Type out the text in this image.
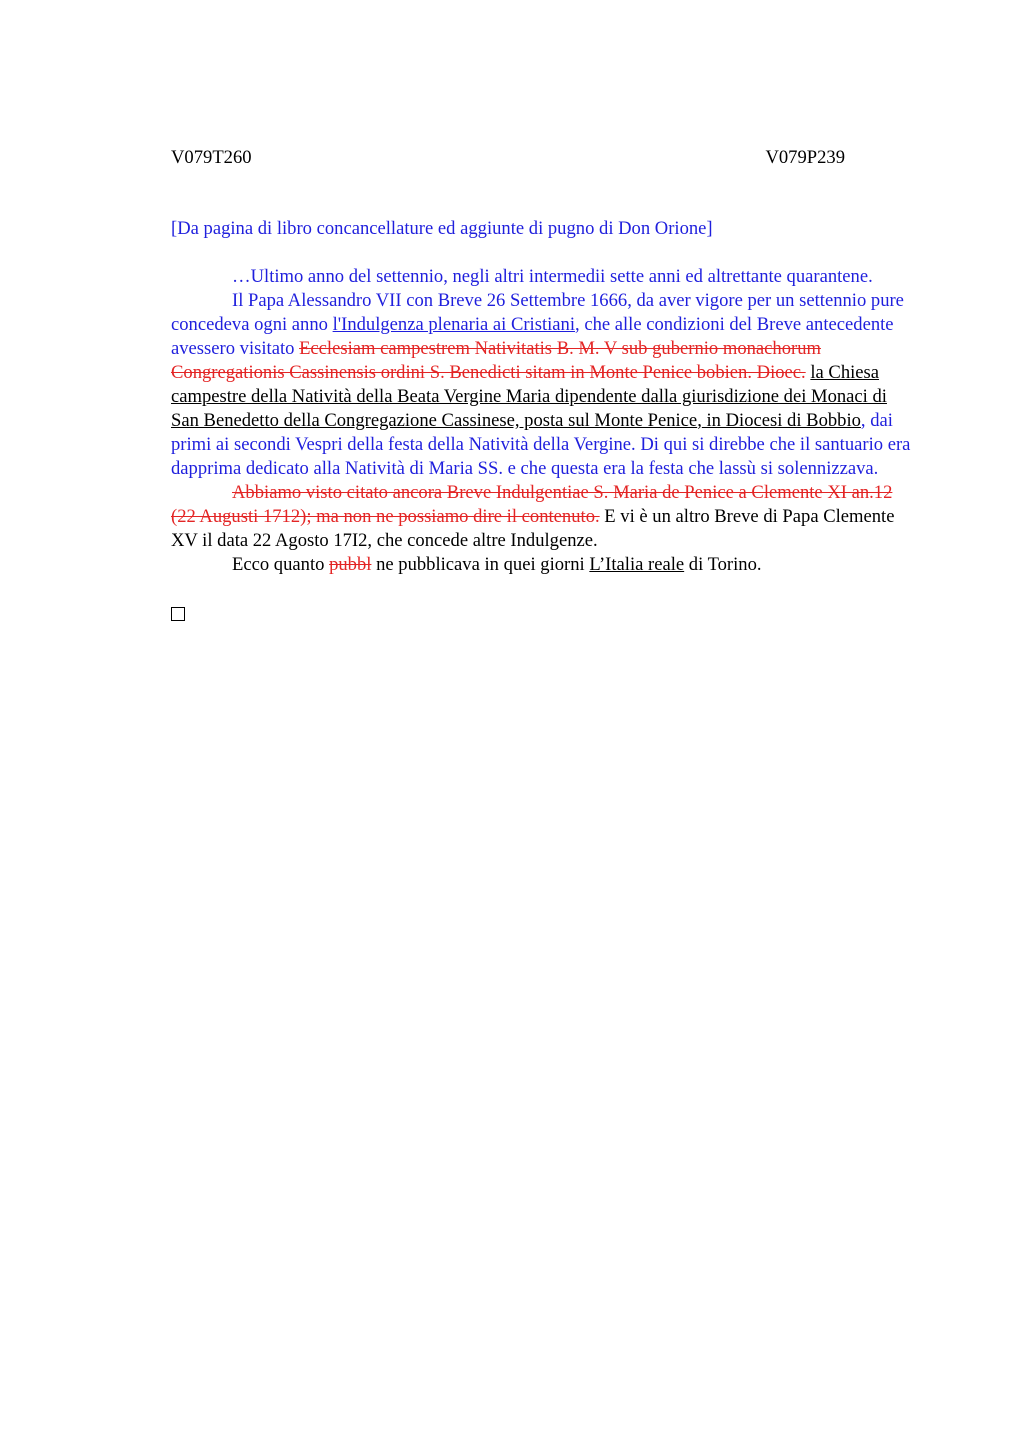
V079T260	V079P239

[Da pagina di libro concancellature ed aggiunte di pugno di Don Orione]

…Ultimo anno del settennio, negli altri intermedii sette anni ed altrettante quarantene.

Il Papa Alessandro VII con Breve 26 Settembre 1666, da aver vigore per un settennio pure concedeva ogni anno l'Indulgenza plenaria ai Cristiani, che alle condizioni del Breve antecedente avessero visitato Ecclesiam campestrem Nativitatis B. M. V sub gubernio monachorum Congregationis Cassinensis ordini S. Benedicti sitam in Monte Penice bobien. Dioec. la Chiesa campestre della Natività della Beata Vergine Maria dipendente dalla giurisdizione dei Monaci di San Benedetto della Congregazione Cassinese, posta sul Monte Penice, in Diocesi di Bobbio, dai primi ai secondi Vespri della festa della Natività della Vergine. Di qui si direbbe che il santuario era dapprima dedicato alla Natività di Maria SS. e che questa era la festa che lassù si solennizzava.

Abbiamo visto citato ancora Breve Indulgentiae S. Maria de Penice a Clemente XI an.12 (22 Augusti 1712); ma non ne possiamo dire il contenuto. E vi è un altro Breve di Papa Clemente XV il data 22 Agosto 17I2, che concede altre Indulgenze.

Ecco quanto pubbl ne pubblicava in quei giorni L’Italia reale di Torino.
